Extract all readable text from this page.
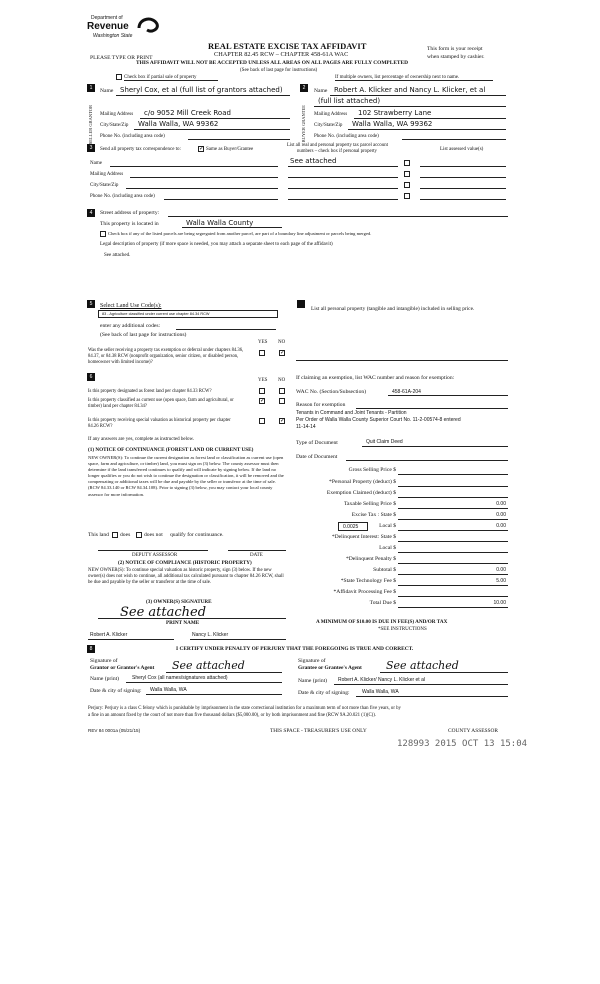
Department of
Revenue
Washington State
REAL ESTATE EXCISE TAX AFFIDAVIT
CHAPTER 82.45 RCW – CHAPTER 458-61A WAC
PLEASE TYPE OR PRINT
THIS AFFIDAVIT WILL NOT BE ACCEPTED UNLESS ALL AREAS ON ALL PAGES ARE FULLY COMPLETED
(See back of last page for instructions)
This form is your receipt
when stamped by cashier.
Check box if partial sale of property	If multiple owners, list percentage of ownership next to name.
1
SELLER GRANTOR
Name Sheryl Cox, et al (full list of grantors attached)
Mailing Address c/o 9052 Mill Creek Road
City/State/Zip Walla Walla, WA 99362
Phone No. (including area code)
2
BUYER GRANTEE
Name Robert A. Klicker and Nancy L. Klicker, et al
(full list attached)
Mailing Address 102 Strawberry Lane
City/State/Zip Walla Walla, WA 99362
Phone No. (including area code)
3	Send all property tax correspondence to:
✓	Same as Buyer/Grantee
List all real and personal property tax parcel account
numbers – check box if personal property	List assessed value(s)
Name
Mailing Address
City/State/Zip
Phone No. (including area code)
See attached
4	Street address of property:
This property is located in	Walla Walla County
Check box if any of the listed parcels are being segregated from another parcel, are part of a boundary line adjustment or parcels being merged.
Legal description of property (if more space is needed, you may attach a separate sheet to each page of the affidavit)
See attached.
5	Select Land Use Code(s):
83 - Agriculture classified under current use chapter 84.34 RCW
enter any additional codes:
(See back of last page for instructions)
YES NO
Was the seller receiving a property tax exemption or deferral under chapters 84.36, 84.37, or 84.38 RCW (nonprofit organization, senior citizen, or disabled person, homeowner with limited income)?
✓
6
YES NO
Is this property designated as forest land per chapter 84.33 RCW?
Is this property classified as current use (open space, farm and agricultural, or timber) land per chapter 84.34?
✓
Is this property receiving special valuation as historical property per chapter 84.26 RCW?
✓
If any answers are yes, complete as instructed below.
(1) NOTICE OF CONTINUANCE (FOREST LAND OR CURRENT USE)
NEW OWNER(S): To continue the current designation as forest land or classification as current use (open space, farm and agriculture, or timber) land, you must sign on (3) below. The county assessor must then determine if the land transferred continues to qualify and will indicate by signing below. If the land no longer qualifies or you do not wish to continue the designation or classification, it will be removed and the compensating or additional taxes will be due and payable by the seller or transferor at the time of sale. (RCW 84.33.140 or RCW 84.34.108). Prior to signing (3) below, you may contact your local county assessor for more information.
This land does does not qualify for continuance.
DEPUTY ASSESSOR	DATE
(2) NOTICE OF COMPLIANCE (HISTORIC PROPERTY)
NEW OWNER(S): To continue special valuation as historic property, sign (3) below. If the new owner(s) does not wish to continue, all additional tax calculated pursuant to chapter 84.26 RCW, shall be due and payable by the seller or transferor at the time of sale.
(3) OWNER(S) SIGNATURE
See attached
PRINT NAME
Robert A. Klicker	Nancy L. Klicker
List all personal property (tangible and intangible) included in selling price.
If claiming an exemption, list WAC number and reason for exemption:
WAC No. (Section/Subsection)	458-61A-204
Reason for exemption
Tenants in Command and Joint Tenants - Partition
Per Order of Walla Walla County Superior Court No. 11-2-00574-8 entered
11-14-14
Type of Document	Quit Claim Deed
Date of Document
Gross Selling Price $
*Personal Property (deduct) $
Exemption Claimed (deduct) $
Taxable Selling Price $	0.00
Excise Tax : State $	0.00
0.0025	Local $	0.00
*Delinquent Interest: State $
Local $
*Delinquent Penalty $
Subtotal $	0.00
*State Technology Fee $	5.00
*Affidavit Processing Fee $
Total Due $	10.00
A MINIMUM OF $10.00 IS DUE IN FEE(S) AND/OR TAX
*SEE INSTRUCTIONS
8	I CERTIFY UNDER PENALTY OF PERJURY THAT THE FOREGOING IS TRUE AND CORRECT.
Signature of
Grantor or Grantor's Agent See attached
Name (print)	Sheryl Cox (all names/signatures attached)
Date & city of signing: Walla Walla, WA
Signature of
Grantee or Grantee's Agent See attached
Name (print) Robert A. Klicker/ Nancy L. Klicker et al
Date & city of signing: Walla Walla, WA
Perjury: Perjury is a class C felony which is punishable by imprisonment in the state correctional institution for a maximum term of not more than five years, or by
a fine in an amount fixed by the court of not more than five thousand dollars ($5,000.00), or by both imprisonment and fine (RCW 9A.20.021 (1)(C)).
REV 84 0001a (05/21/15)	THIS SPACE - TREASURER'S USE ONLY	COUNTY ASSESSOR
128993 2015 OCT 13 15:04
